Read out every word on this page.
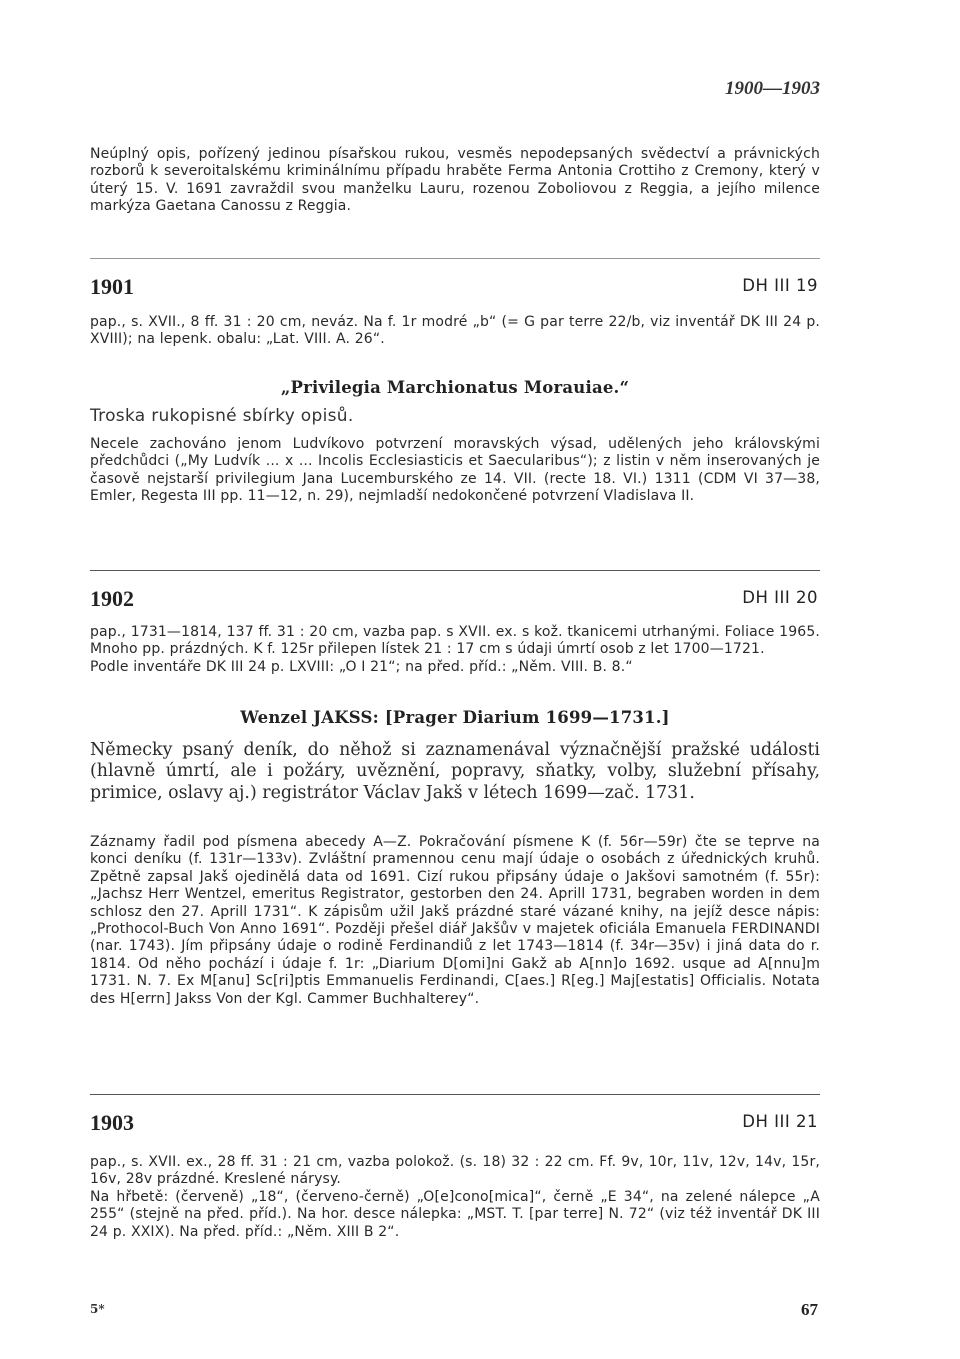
1900—1903

Neúplný opis, pořízený jedinou písařskou rukou, vesměs nepodepsaných svědectví a právnických rozborů k severoitalskému kriminálnímu případu hraběte Ferma Antonia Crottiho z Cremony, který v úterý 15. V. 1691 zavraždil svou manželku Lauru, rozenou Zoboliovou z Reggia, a jejího milence markýza Gaetana Canossu z Reggia.

1901	DH III 19

pap., s. XVII., 8 ff. 31 : 20 cm, neváz. Na f. 1r modré „b“ (= G par terre 22/b, viz inventář DK III 24 p. XVIII); na lepenk. obalu: „Lat. VIII. A. 26“.

„Privilegia Marchionatus Morauiae.“
Troska rukopisné sbírky opisů.

Necele zachováno jenom Ludvíkovo potvrzení moravských výsad, udělených jeho královskými předchůdci („My Ludvík ... x ... Incolis Ecclesiasticis et Saecularibus“); z listin v něm inserovaných je časově nejstarší privilegium Jana Lucemburského ze 14. VII. (recte 18. VI.) 1311 (CDM VI 37—38, Emler, Regesta III pp. 11—12, n. 29), nejmladší nedokončené potvrzení Vladislava II.

1902	DH III 20

pap., 1731—1814, 137 ff. 31 : 20 cm, vazba pap. s XVII. ex. s kož. tkanicemi utrhanými. Foliace 1965. Mnoho pp. prázdných. K f. 125r přilepen lístek 21 : 17 cm s údaji úmrtí osob z let 1700—1721.

Podle inventáře DK III 24 p. LXVIII: „O I 21“; na před. příd.: „Něm. VIII. B. 8.“

Wenzel JAKSS: [Prager Diarium 1699—1731.]

Německy psaný deník, do něhož si zaznamenával význačnější pražské události (hlavně úmrtí, ale i požáry, uvěznění, popravy, sňatky, volby, služební přísahy, primice, oslavy aj.) registrátor Václav Jakš v létech 1699—zač. 1731.

Záznamy řadil pod písmena abecedy A—Z. Pokračování písmene K (f. 56r—59r) čte se teprve na konci deníku (f. 131r—133v). Zvláštní pramennou cenu mají údaje o osobách z úřednických kruhů. Zpětně zapsal Jakš ojedinělá data od 1691. Cizí rukou připsány údaje o Jakšovi samotném (f. 55r): „Jachsz Herr Wentzel, emeritus Registrator, gestorben den 24. Aprill 1731, begraben worden in dem schlosz den 27. Aprill 1731“. K zápisům užil Jakš prázdné staré vázané knihy, na jejíž desce nápis: „Prothocol-Buch Von Anno 1691“. Později přešel diář Jakšův v majetek oficiála Emanuela FERDINANDI (nar. 1743). Jím připsány údaje o rodině Ferdinandiů z let 1743—1814 (f. 34r—35v) i jiná data do r. 1814. Od něho pochází i údaje f. 1r: „Diarium D[omi]ni Gakž ab A[nn]o 1692. usque ad A[nnu]m 1731. N. 7. Ex M[anu] Sc[ri]ptis Emmanuelis Ferdinandi, C[aes.] R[eg.] Maj[estatis] Officialis. Notata des H[errn] Jakss Von der Kgl. Cammer Buchhalterey“.

1903	DH III 21

pap., s. XVII. ex., 28 ff. 31 : 21 cm, vazba polokož. (s. 18) 32 : 22 cm. Ff. 9v, 10r, 11v, 12v, 14v, 15r, 16v, 28v prázdné. Kreslené nárysy.

Na hřbetě: (červeně) „18“, (červeno-černě) „O[e]cono[mica]“, černě „E 34“, na zelené nálepce „A 255“ (stejně na před. příd.). Na hor. desce nálepka: „MST. T. [par terre] N. 72“ (viz též inventář DK III 24 p. XXIX). Na před. příd.: „Něm. XIII B 2“.

5*	67
